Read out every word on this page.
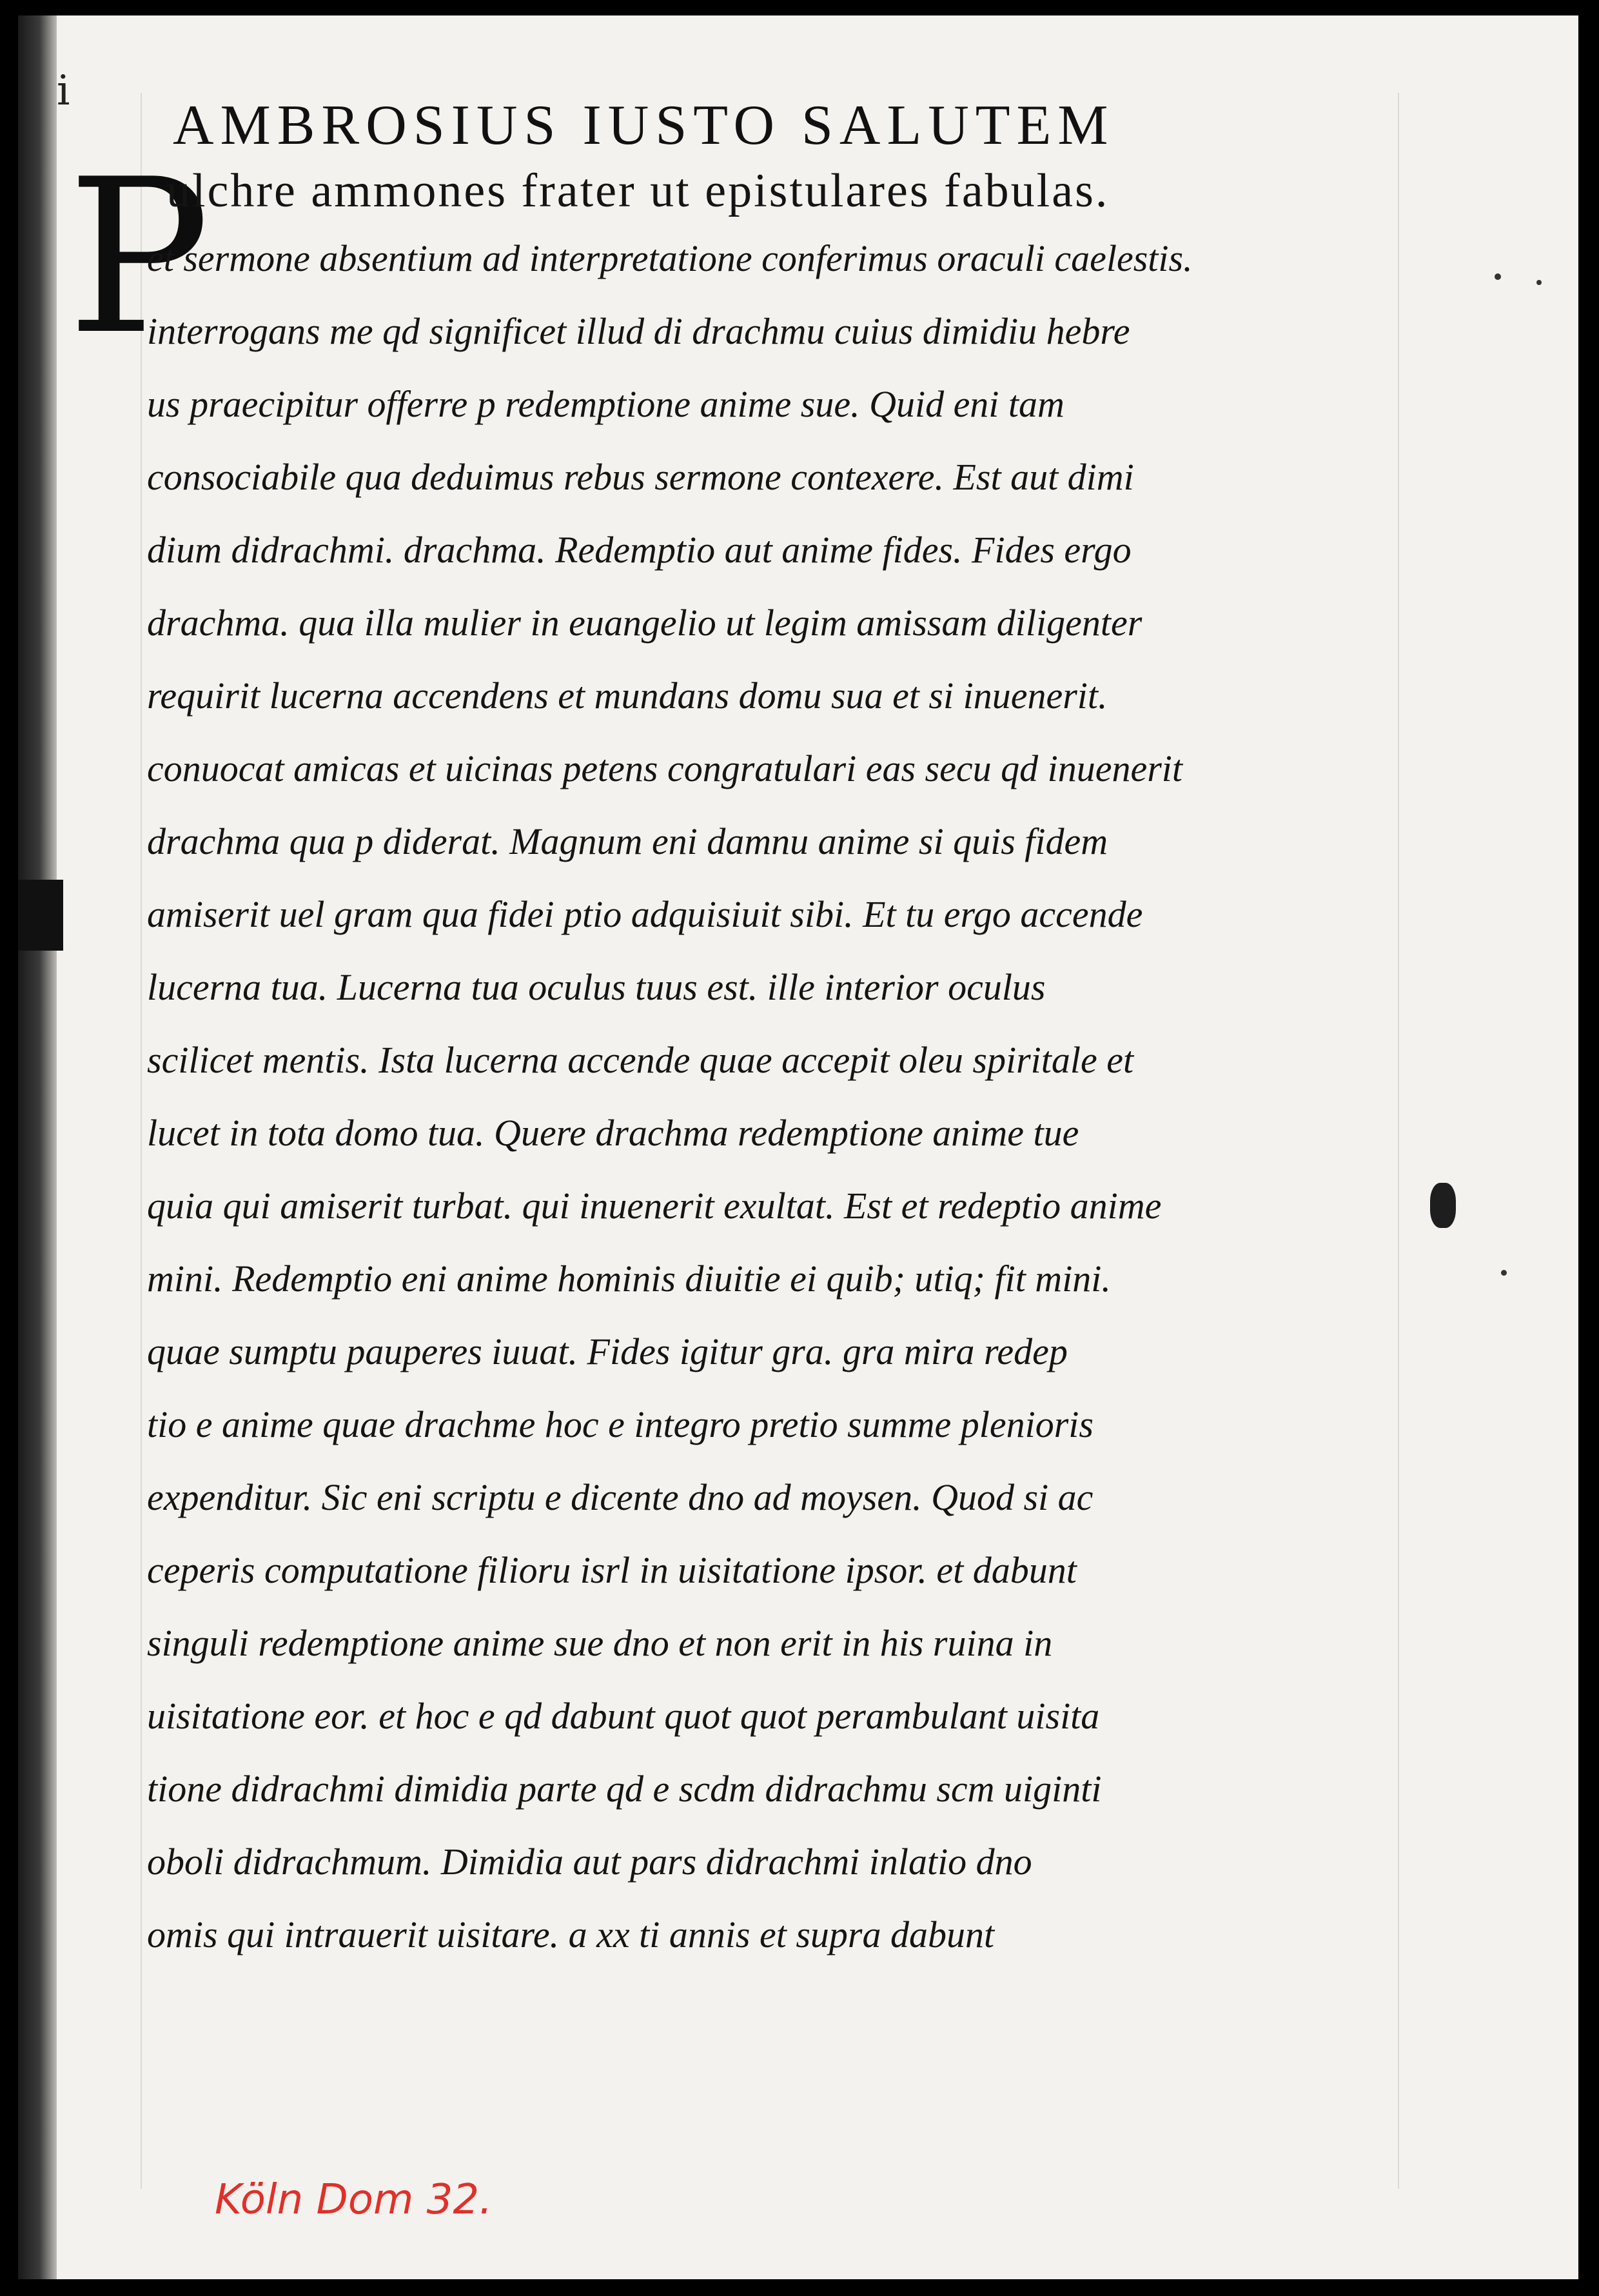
i
AMBROSIUS IUSTO SALUTEM
P
ulchre ammones frater ut epistulares fabulas.
et sermone absentium ad interpretatione conferimus oraculi caelestis.
interrogans me qd significet illud di drachmu cuius dimidiu hebre
us praecipitur offerre p redemptione anime sue. Quid eni tam
consociabile qua deduimus rebus sermone contexere. Est aut dimi
dium didrachmi. drachma. Redemptio aut anime fides. Fides ergo
drachma. qua illa mulier in euangelio ut legim amissam diligenter
requirit lucerna accendens et mundans domu sua et si inuenerit.
conuocat amicas et uicinas petens congratulari eas secu qd inuenerit
drachma qua p diderat. Magnum eni damnu anime si quis fidem
amiserit uel gram qua fidei ptio adquisiuit sibi. Et tu ergo accende
lucerna tua. Lucerna tua oculus tuus est. ille interior oculus
scilicet mentis. Ista lucerna accende quae accepit oleu spiritale et
lucet in tota domo tua. Quere drachma redemptione anime tue
quia qui amiserit turbat. qui inuenerit exultat. Est et redeptio anime
mini. Redemptio eni anime hominis diuitie ei quib; utiq; fit mini.
quae sumptu pauperes iuuat. Fides igitur gra. gra mira redep
tio e anime quae drachme hoc e integro pretio summe plenioris
expenditur. Sic eni scriptu e dicente dno ad moysen. Quod si ac
ceperis computatione filioru isrl in uisitatione ipsor. et dabunt
singuli redemptione anime sue dno et non erit in his ruina in
uisitatione eor. et hoc e qd dabunt quot quot perambulant uisita
tione didrachmi dimidia parte qd e scdm didrachmu scm uiginti
oboli didrachmum. Dimidia aut pars didrachmi inlatio dno
omis qui intrauerit uisitare. a xx ti annis et supra dabunt
Köln Dom 32.
